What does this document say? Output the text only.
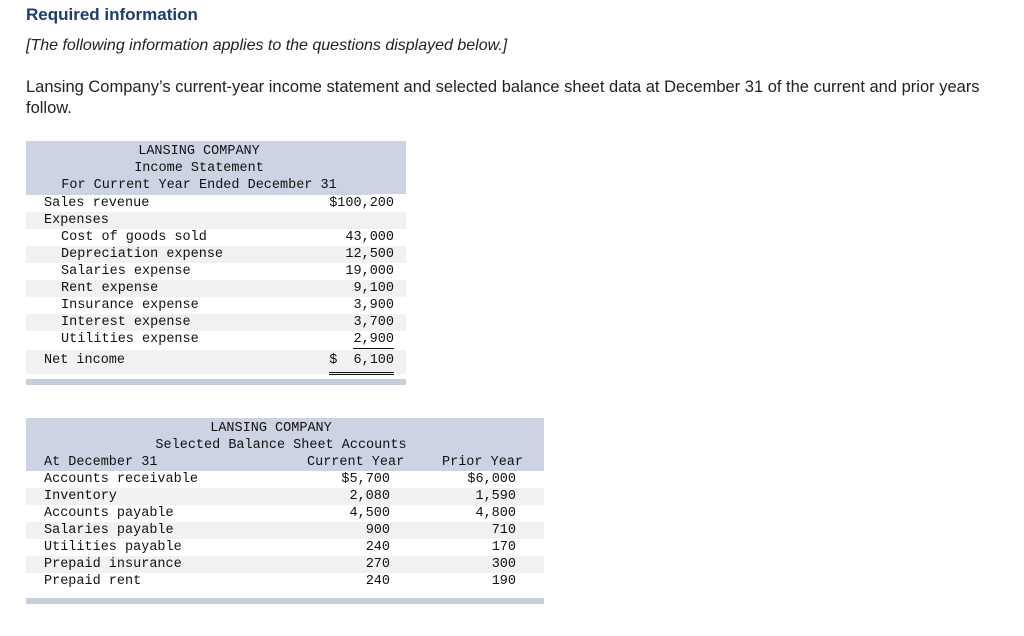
Required information
[The following information applies to the questions displayed below.]
Lansing Company’s current-year income statement and selected balance sheet data at December 31 of the current and prior years follow.
LANSING COMPANY
Income Statement
For Current Year Ended December 31
Sales revenue	$100,200
Expenses
Cost of goods sold	43,000
Depreciation expense	12,500
Salaries expense	19,000
Rent expense	9,100
Insurance expense	3,900
Interest expense	3,700
Utilities expense	2,900
Net income	$  6,100
LANSING COMPANY
Selected Balance Sheet Accounts
At December 31	Current Year	Prior Year
Accounts receivable	$5,700	$6,000
Inventory	2,080	1,590
Accounts payable	4,500	4,800
Salaries payable	900	710
Utilities payable	240	170
Prepaid insurance	270	300
Prepaid rent	240	190
